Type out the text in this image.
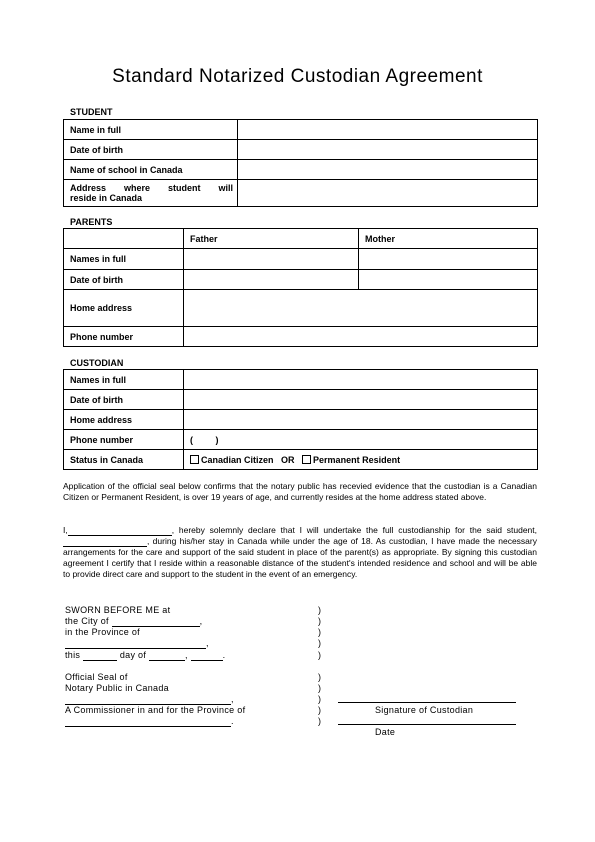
Standard Notarized Custodian Agreement
STUDENT
Name in full	
Date of birth	
Name of school in Canada	

Address where student will
reside in Canada	

PARENTS
	Father	Mother
Names in full		
Date of birth		
Home address		
Phone number		
CUSTODIAN
Names in full	
Date of birth	
Home address	
Phone number	(         )
Status in Canada	Canadian Citizen OR Permanent Resident
Application of the official seal below confirms that the notary public has recevied evidence that the custodian is a Canadian Citizen or Permanent Resident, is over 19 years of age, and currently resides at the home address stated above.
I,	, hereby solemnly declare that I will undertake the full custodianship for the said student, , during his/her stay in Canada while under the age of 18. As custodian, I have made the necessary arrangements for the care and support of the said student in place of the parent(s) as appropriate. By signing this custodian agreement I certify that I reside within a reasonable distance of the student's intended residence and school and will be able to provide direct care and support to the student in the event of an emergency.
SWORN BEFORE ME at
the City of	,
in the Province of
,
this	day of	,	.
Official Seal of
Notary Public in Canada
,
A Commissioner in and for the Province of
.
)
)
)
)
)
)
)
)
)
)
Signature of Custodian
Date
